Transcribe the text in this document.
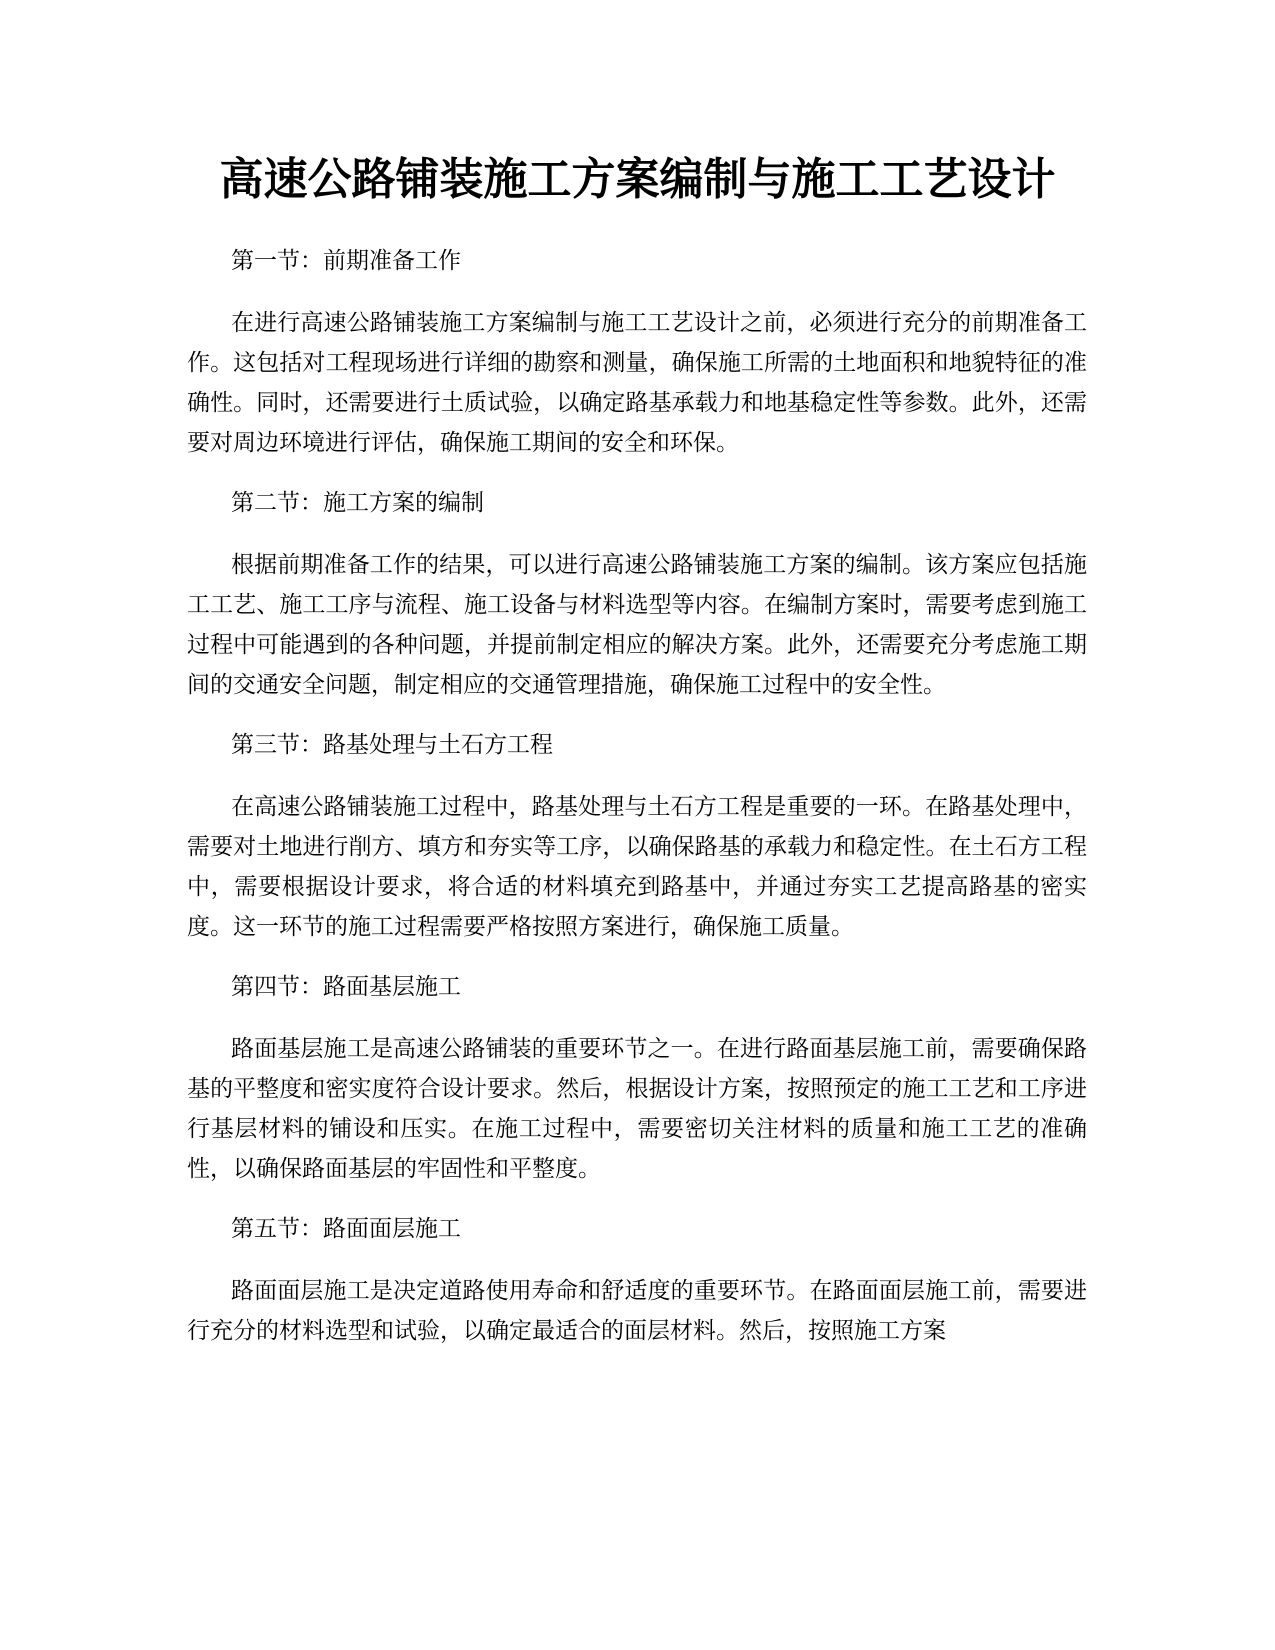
高速公路铺装施工方案编制与施工工艺设计

第一节：前期准备工作

在进行高速公路铺装施工方案编制与施工工艺设计之前，必须进行充分的前期准备工作。这包括对工程现场进行详细的勘察和测量，确保施工所需的土地面积和地貌特征的准确性。同时，还需要进行土质试验，以确定路基承载力和地基稳定性等参数。此外，还需要对周边环境进行评估，确保施工期间的安全和环保。

第二节：施工方案的编制

根据前期准备工作的结果，可以进行高速公路铺装施工方案的编制。该方案应包括施工工艺、施工工序与流程、施工设备与材料选型等内容。在编制方案时，需要考虑到施工过程中可能遇到的各种问题，并提前制定相应的解决方案。此外，还需要充分考虑施工期间的交通安全问题，制定相应的交通管理措施，确保施工过程中的安全性。

第三节：路基处理与土石方工程

在高速公路铺装施工过程中，路基处理与土石方工程是重要的一环。在路基处理中，需要对土地进行削方、填方和夯实等工序，以确保路基的承载力和稳定性。在土石方工程中，需要根据设计要求，将合适的材料填充到路基中，并通过夯实工艺提高路基的密实度。这一环节的施工过程需要严格按照方案进行，确保施工质量。

第四节：路面基层施工

路面基层施工是高速公路铺装的重要环节之一。在进行路面基层施工前，需要确保路基的平整度和密实度符合设计要求。然后，根据设计方案，按照预定的施工工艺和工序进行基层材料的铺设和压实。在施工过程中，需要密切关注材料的质量和施工工艺的准确性，以确保路面基层的牢固性和平整度。

第五节：路面面层施工

路面面层施工是决定道路使用寿命和舒适度的重要环节。在路面面层施工前，需要进行充分的材料选型和试验，以确定最适合的面层材料。然后，按照施工方案
